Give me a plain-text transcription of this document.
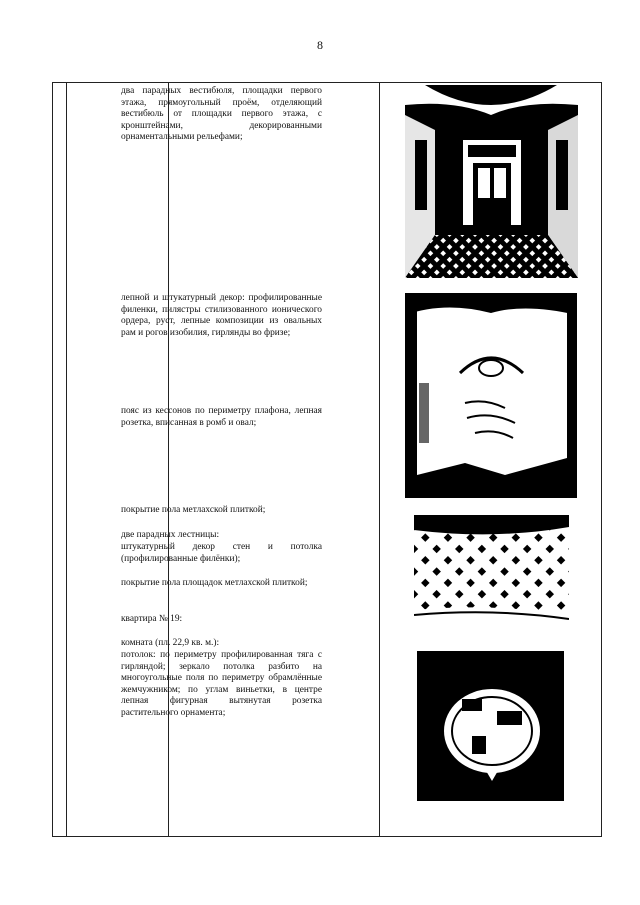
8
два парадных вестибюля, площадки первого этажа, прямоугольный проём, отделяющий вестибюль от площадки первого этажа, с кронштейнами, декорированными орнаментальными рельефами;
лепной и штукатурный декор: профилированные филенки, пилястры стилизованного ионического ордера, руст, лепные композиции из овальных рам и рогов изобилия, гирлянды во фризе;
пояс из кессонов по периметру плафона, лепная розетка, вписанная в ромб и овал;
покрытие пола метлахской плиткой;
две парадных лестницы:
штукатурный декор стен и потолка (профилированные филёнки);
покрытие пола площадок метлахской плиткой;
квартира № 19:
комната (пл. 22,9 кв. м.):
потолок: по периметру профилированная тяга с гирляндой; зеркало потолка разбито на многоугольные поля по периметру обрамлённые жемчужником; по углам виньетки, в центре лепная фигурная вытянутая розетка растительного орнамента;
